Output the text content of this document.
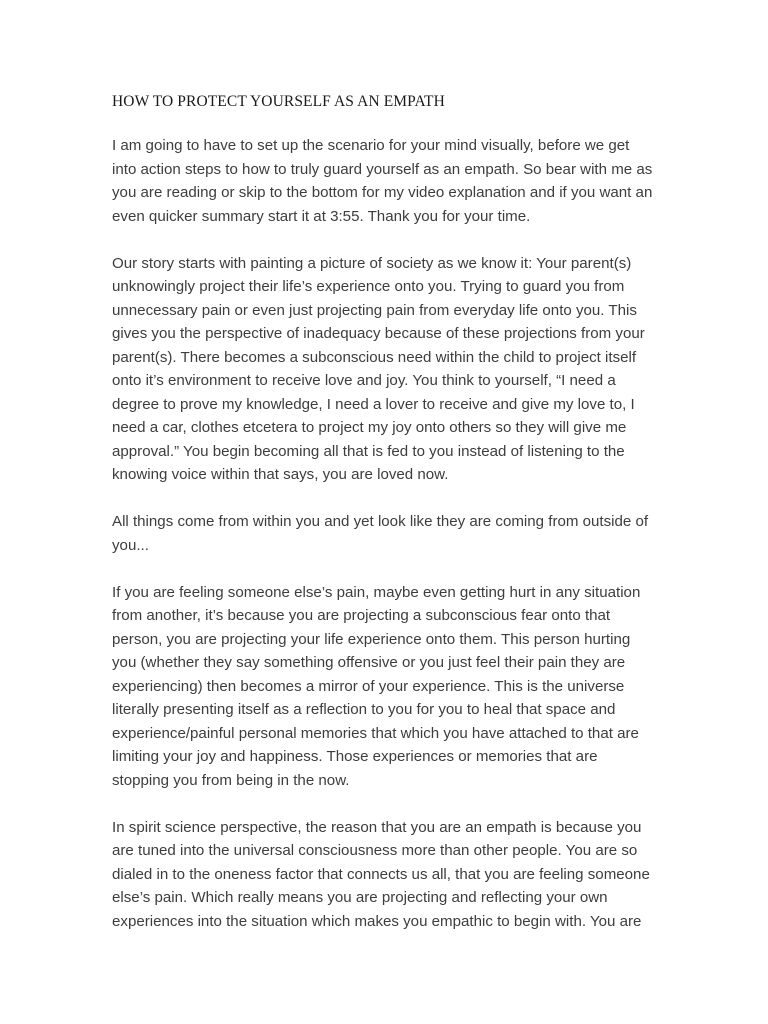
HOW TO PROTECT YOURSELF AS AN EMPATH

I am going to have to set up the scenario for your mind visually, before we get
into action steps to how to truly guard yourself as an empath. So bear with me as
you are reading or skip to the bottom for my video explanation and if you want an
even quicker summary start it at 3:55. Thank you for your time.

Our story starts with painting a picture of society as we know it: Your parent(s)
unknowingly project their life’s experience onto you. Trying to guard you from
unnecessary pain or even just projecting pain from everyday life onto you. This
gives you the perspective of inadequacy because of these projections from your
parent(s). There becomes a subconscious need within the child to project itself
onto it’s environment to receive love and joy. You think to yourself, “I need a
degree to prove my knowledge, I need a lover to receive and give my love to, I
need a car, clothes etcetera to project my joy onto others so they will give me
approval.” You begin becoming all that is fed to you instead of listening to the
knowing voice within that says, you are loved now.

All things come from within you and yet look like they are coming from outside of
you...

If you are feeling someone else’s pain, maybe even getting hurt in any situation
from another, it’s because you are projecting a subconscious fear onto that
person, you are projecting your life experience onto them. This person hurting
you (whether they say something offensive or you just feel their pain they are
experiencing) then becomes a mirror of your experience. This is the universe
literally presenting itself as a reflection to you for you to heal that space and
experience/painful personal memories that which you have attached to that are
limiting your joy and happiness. Those experiences or memories that are
stopping you from being in the now.

In spirit science perspective, the reason that you are an empath is because you
are tuned into the universal consciousness more than other people. You are so
dialed in to the oneness factor that connects us all, that you are feeling someone
else’s pain. Which really means you are projecting and reflecting your own
experiences into the situation which makes you empathic to begin with. You are
